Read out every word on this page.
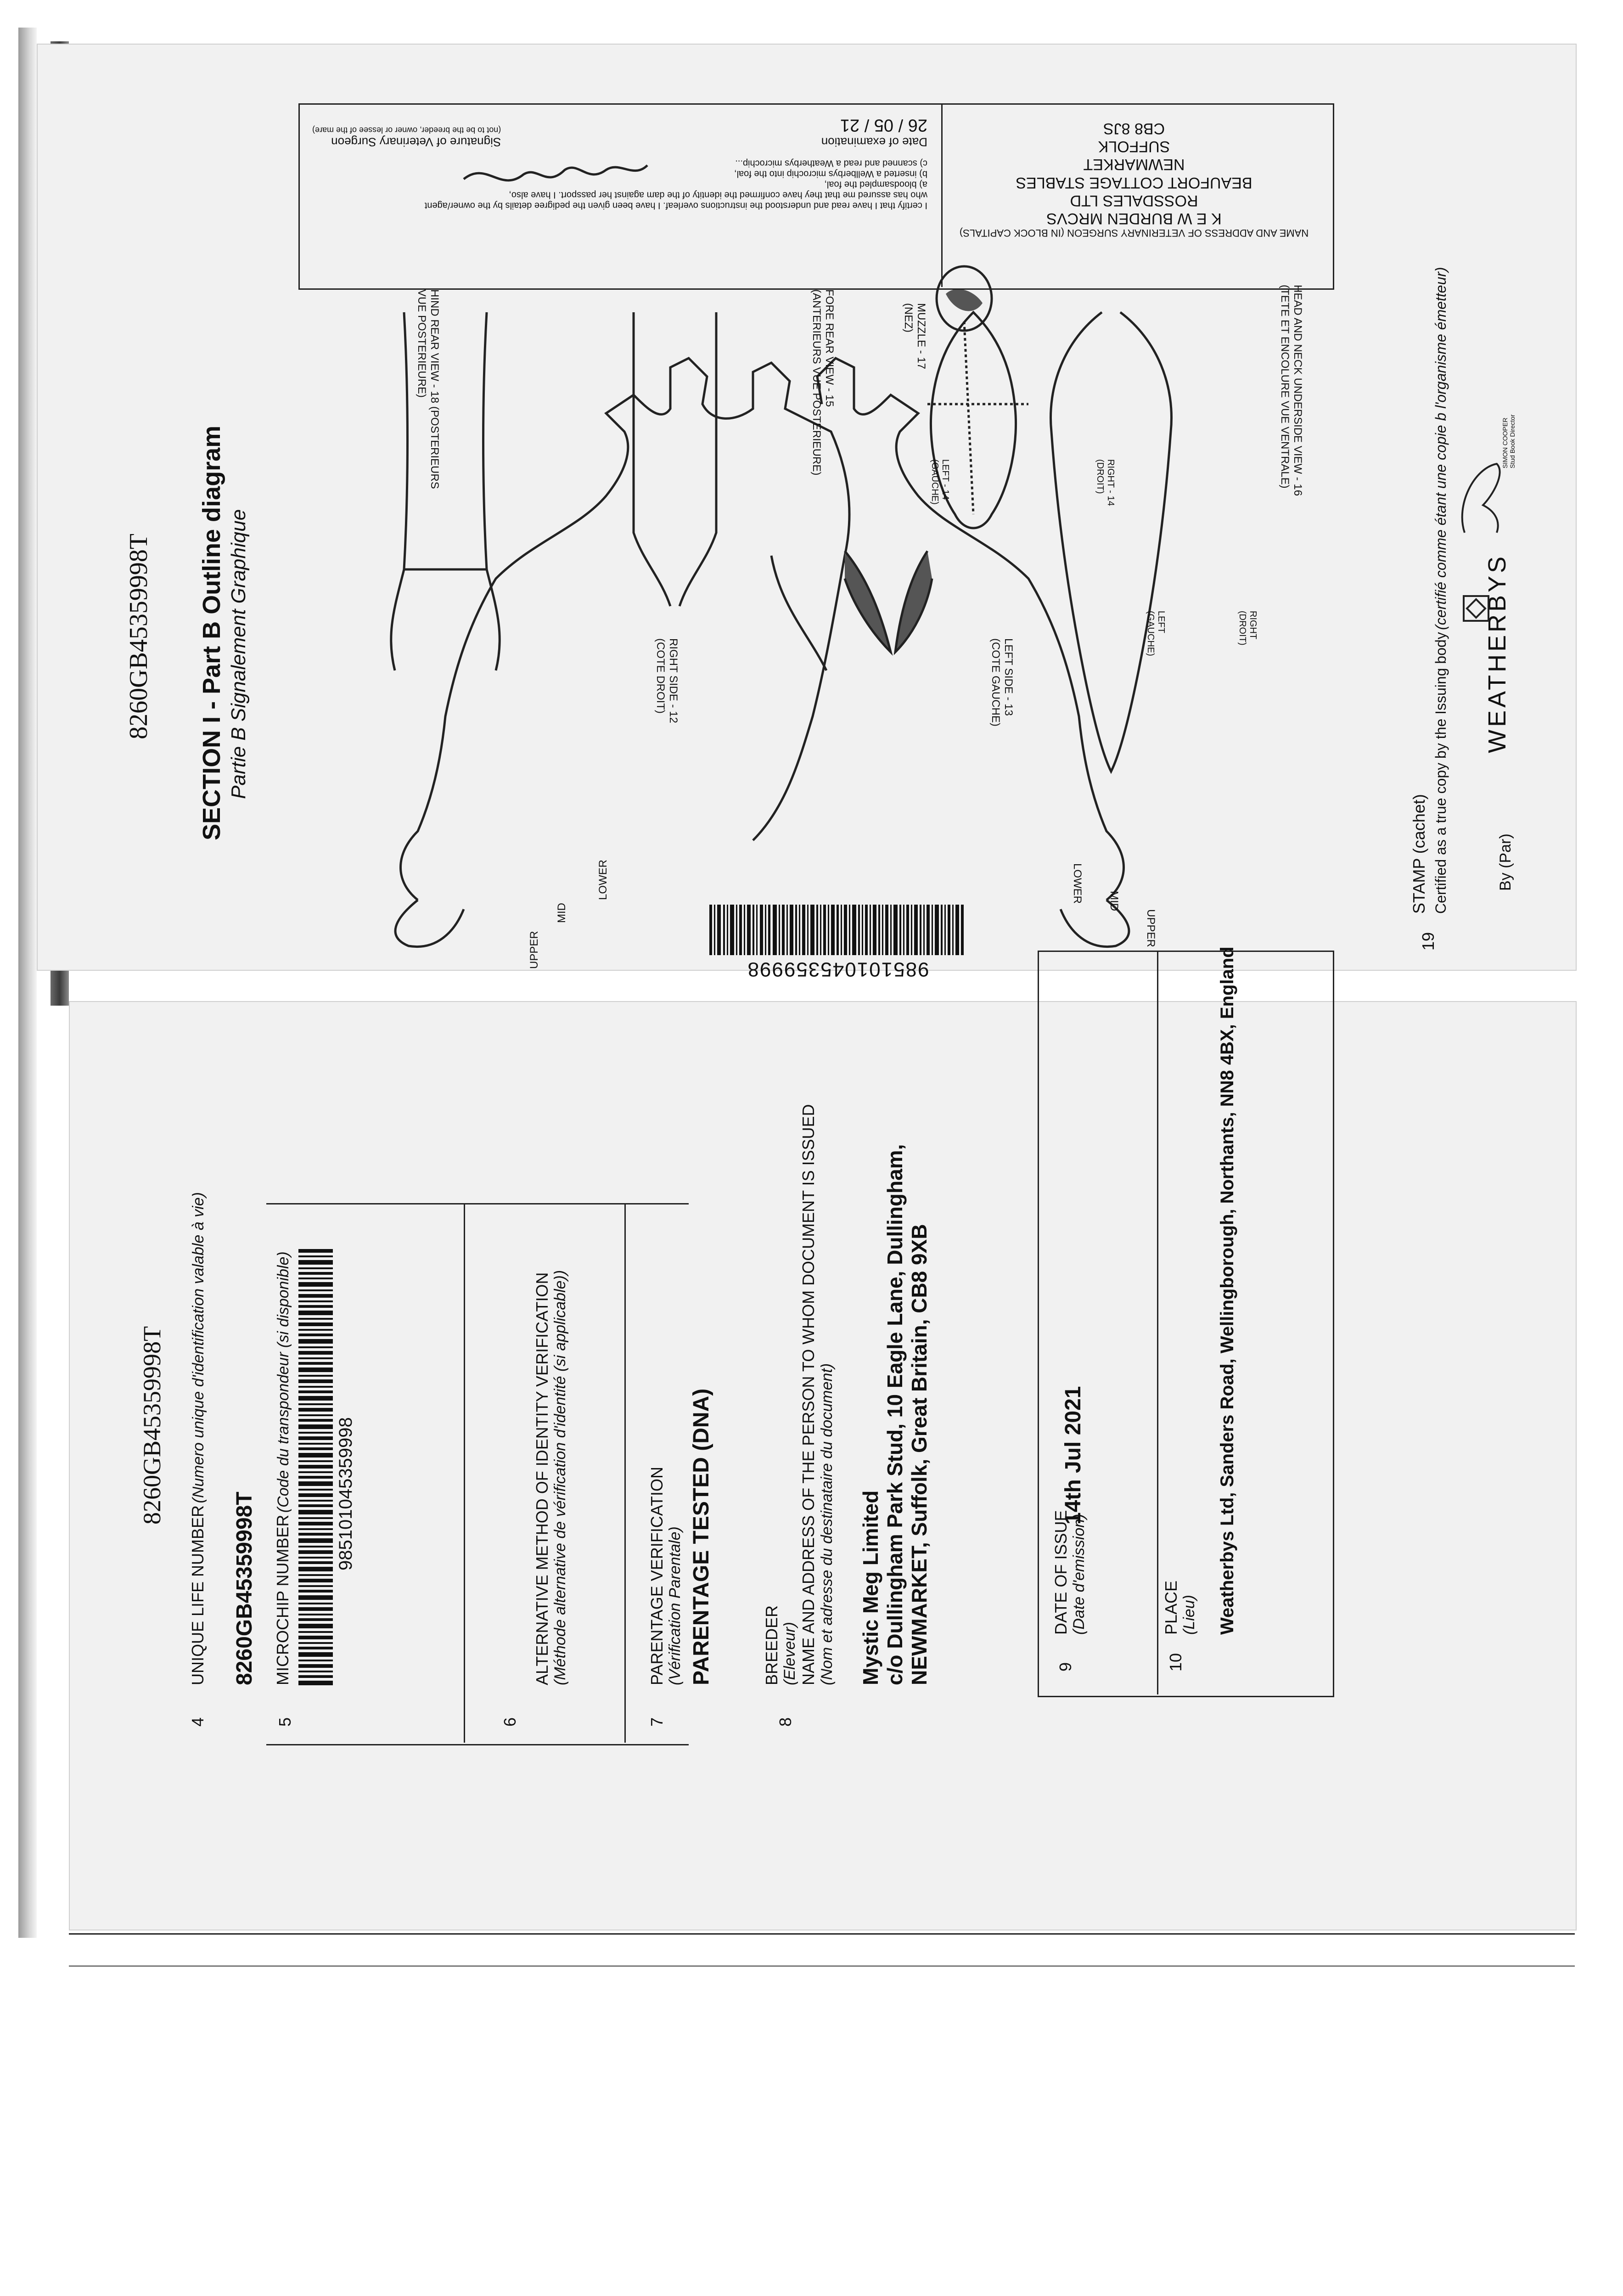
8260GB45359998T SECTION I - Part B Outline diagram Partie B Signalement Graphique
HIND REAR VIEW - 18 (POSTERIEURS
VUE POSTERIEURE)	FORE REAR VIEW - 15
(ANTERIEURS VUE POSTERIEURE)	MUZZLE - 17
(NEZ)	HEAD AND NECK UNDERSIDE VIEW - 16
(TETE ET ENCOLURE VUE VENTRALE)
RIGHT SIDE - 12
(COTE DROIT)	LEFT SIDE - 13
(COTE GAUCHE)
LEFT - 14
(GAUCHE)	RIGHT - 14
(DROIT)
LEFT
(GAUCHE)	RIGHT
(DROIT)
UPPER
MID
LOWER	LOWER MID
UPPER
985101045359998
NAME AND ADDRESS OF VETERINARY SURGEON (IN BLOCK CAPITALS)
K E W BURDEN MRCVS
ROSSDALES LTD
BEAUFORT COTTAGE STABLES
NEWMARKET
SUFFOLK
CB8 8JS
I certify that I have read and understood the instructions overleaf. I have been given the pedigree details by the owner/agent
who has assured me that they have confirmed the identity of the dam against her passport. I have also,
a) bloodsampled the foal,
b) inserted a Wellberbys microchip into the foal,
c) scanned and read a Weatherbys microchip...
Date of examination
26 / 05 / 21
Signature of Veterinary Surgeon
(not to be the breeder, owner or lessee of the mare)
19
STAMP (cachet) Certified as a true copy by the Issuing body (certifié comme étant une copie b l'organisme émetteur)
By (Par)
WEATHERBYS
SIMON COOPER Stud Book Director
8260GB45359998T
4
UNIQUE LIFE NUMBER (Numero unique d'identification valable à vie)
8260GB45359998T
5
MICROCHIP NUMBER (Code du transpondeur (si disponible) 985101045359998
6
ALTERNATIVE METHOD OF IDENTITY VERIFICATION (Méthode alternative de vérification d'identité (si applicable))
7
PARENTAGE VERIFICATION (Vérification Parentale) PARENTAGE TESTED (DNA)
8
BREEDER (Eleveur) NAME AND ADDRESS OF THE PERSON TO WHOM DOCUMENT IS ISSUED (Nom et adresse du destinataire du document) Mystic Meg Limited c/o Dullingham Park Stud, 10 Eagle Lane, Dullingham, NEWMARKET, Suffolk, Great Britain, CB8 9XB	9
DATE OF ISSUE (Date d'emission)
14th Jul 2021
10
PLACE (Lieu) Weatherbys Ltd, Sanders Road, Wellingborough, Northants, NN8 4BX, England
